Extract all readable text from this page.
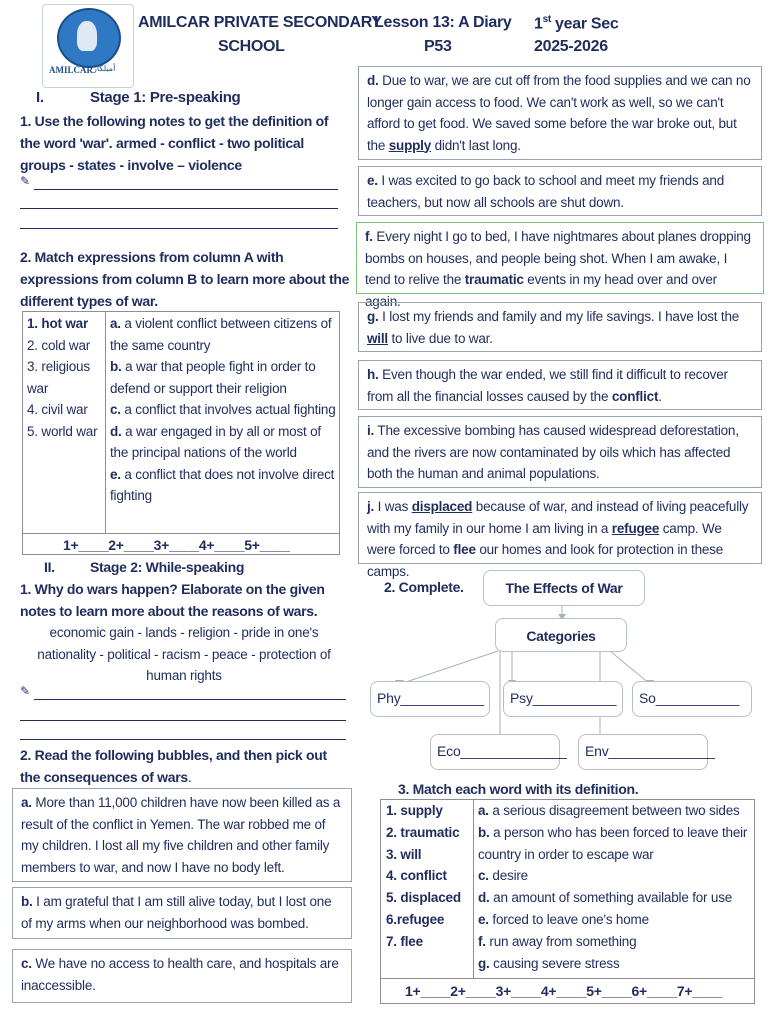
AMILCAR أميلكار
AMILCAR PRIVATE SECONDARY
SCHOOL
Lesson 13: A Diary
P53
1st year Sec
2025-2026
I.	Stage 1: Pre-speaking
1. Use the following notes to get the definition of the word 'war'. armed - conflict - two political groups - states - involve – violence
✎
2. Match expressions from column A with expressions from column B to learn more about the different types of war.
1. hot war
2. cold war
3. religious war
4. civil war
5. world war
a. a violent conflict between citizens of the same country
b. a war that people fight in order to defend or support their religion
c. a conflict that involves actual fighting
d. a war engaged in by all or most of the principal nations of the world
e. a conflict that does not involve direct fighting
1+____2+____3+____4+____5+____
II.	Stage 2: While-speaking
1. Why do wars happen? Elaborate on the given notes to learn more about the reasons of wars.
economic gain - lands - religion - pride in one's nationality - political - racism - peace - protection of human rights
✎
2. Read the following bubbles, and then pick out the consequences of wars.
a. More than 11,000 children have now been killed as a result of the conflict in Yemen. The war robbed me of my children. I lost all my five children and other family members to war, and now I have no body left.
b. I am grateful that I am still alive today, but I lost one of my arms when our neighborhood was bombed.
c. We have no access to health care, and hospitals are inaccessible.
d. Due to war, we are cut off from the food supplies and we can no longer gain access to food. We can't work as well, so we can't afford to get food. We saved some before the war broke out, but the supply didn't last long.
e. I was excited to go back to school and meet my friends and teachers, but now all schools are shut down.
f. Every night I go to bed, I have nightmares about planes dropping bombs on houses, and people being shot. When I am awake, I tend to relive the traumatic events in my head over and over again.
g. I lost my friends and family and my life savings. I have lost the will to live due to war.
h. Even though the war ended, we still find it difficult to recover from all the financial losses caused by the conflict.
i. The excessive bombing has caused widespread deforestation, and the rivers are now contaminated by oils which has affected both the human and animal populations.
j. I was displaced because of war, and instead of living peacefully with my family in our home I am living in a refugee camp. We were forced to flee our homes and look for protection in these camps.
2. Complete.	The Effects of War
Categories
Phy___________	Psy___________	So___________
Eco______________	Env______________
3. Match each word with its definition.
1. supply
2. traumatic
3. will
4. conflict
5. displaced
6.refugee
7. flee
a. a serious disagreement between two sides
b. a person who has been forced to leave their country in order to escape war
c. desire
d. an amount of something available for use
e. forced to leave one's home
f. run away from something
g. causing severe stress
1+____2+____3+____4+____5+____6+____7+____
